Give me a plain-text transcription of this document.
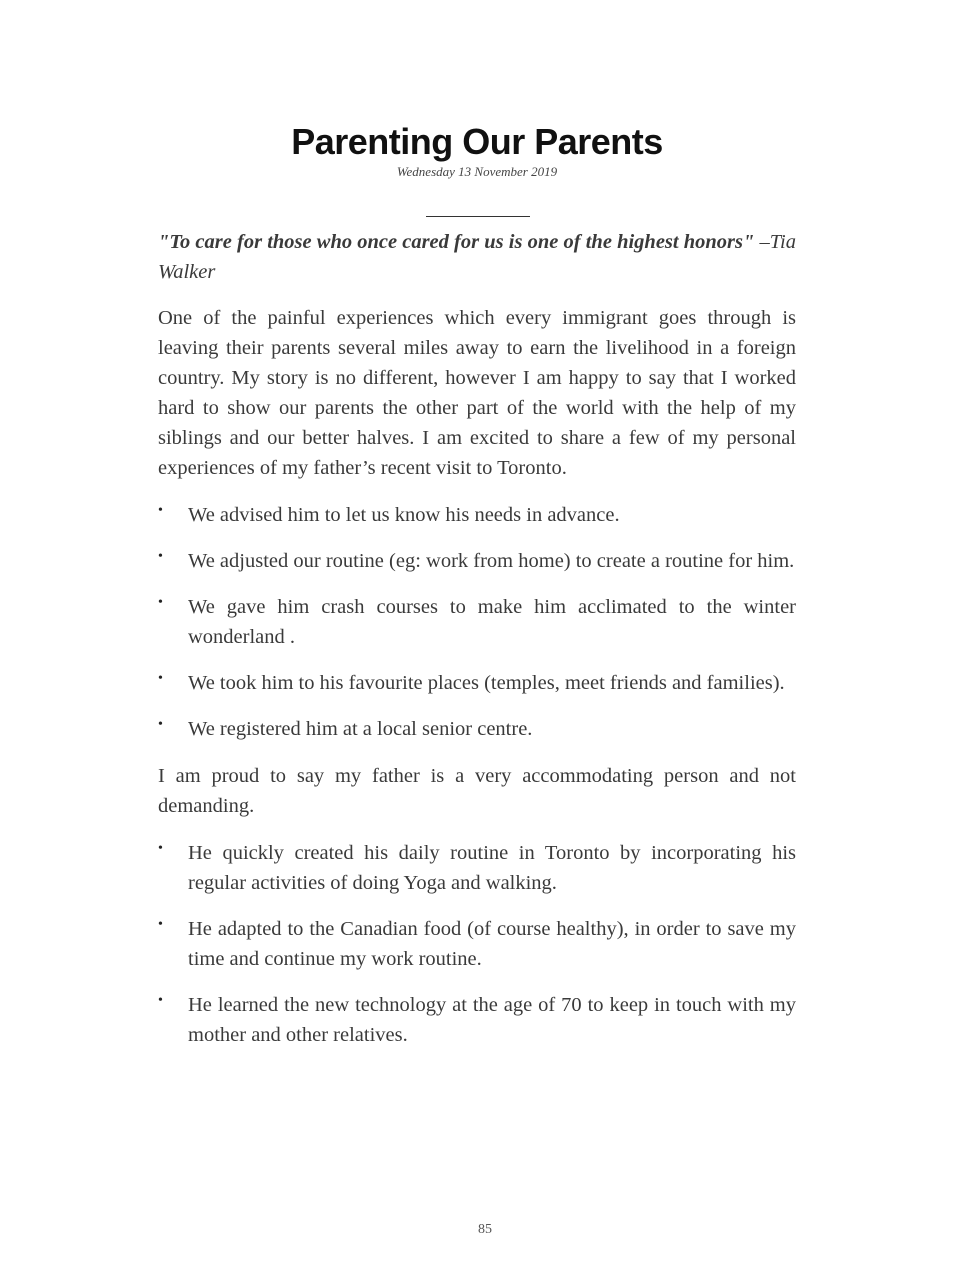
Parenting Our Parents
Wednesday 13 November 2019

"To care for those who once cared for us is one of the highest honors" –Tia Walker

One of the painful experiences which every immigrant goes through is leaving their parents several miles away to earn the livelihood in a foreign country. My story is no different, however I am happy to say that I worked hard to show our parents the other part of the world with the help of my siblings and our better halves. I am excited to share a few of my personal experiences of my father’s recent visit to Toronto.

• We advised him to let us know his needs in advance.
• We adjusted our routine (eg: work from home) to create a routine for him.
• We gave him crash courses to make him acclimated to the winter wonderland .
• We took him to his favourite places (temples, meet friends and families).
• We registered him at a local senior centre.

I am proud to say my father is a very accommodating person and not demanding.

• He quickly created his daily routine in Toronto by incorporating his regular activities of doing Yoga and walking.
• He adapted to the Canadian food (of course healthy), in order to save my time and continue my work routine.
• He learned the new technology at the age of 70 to keep in touch with my mother and other relatives.
85
